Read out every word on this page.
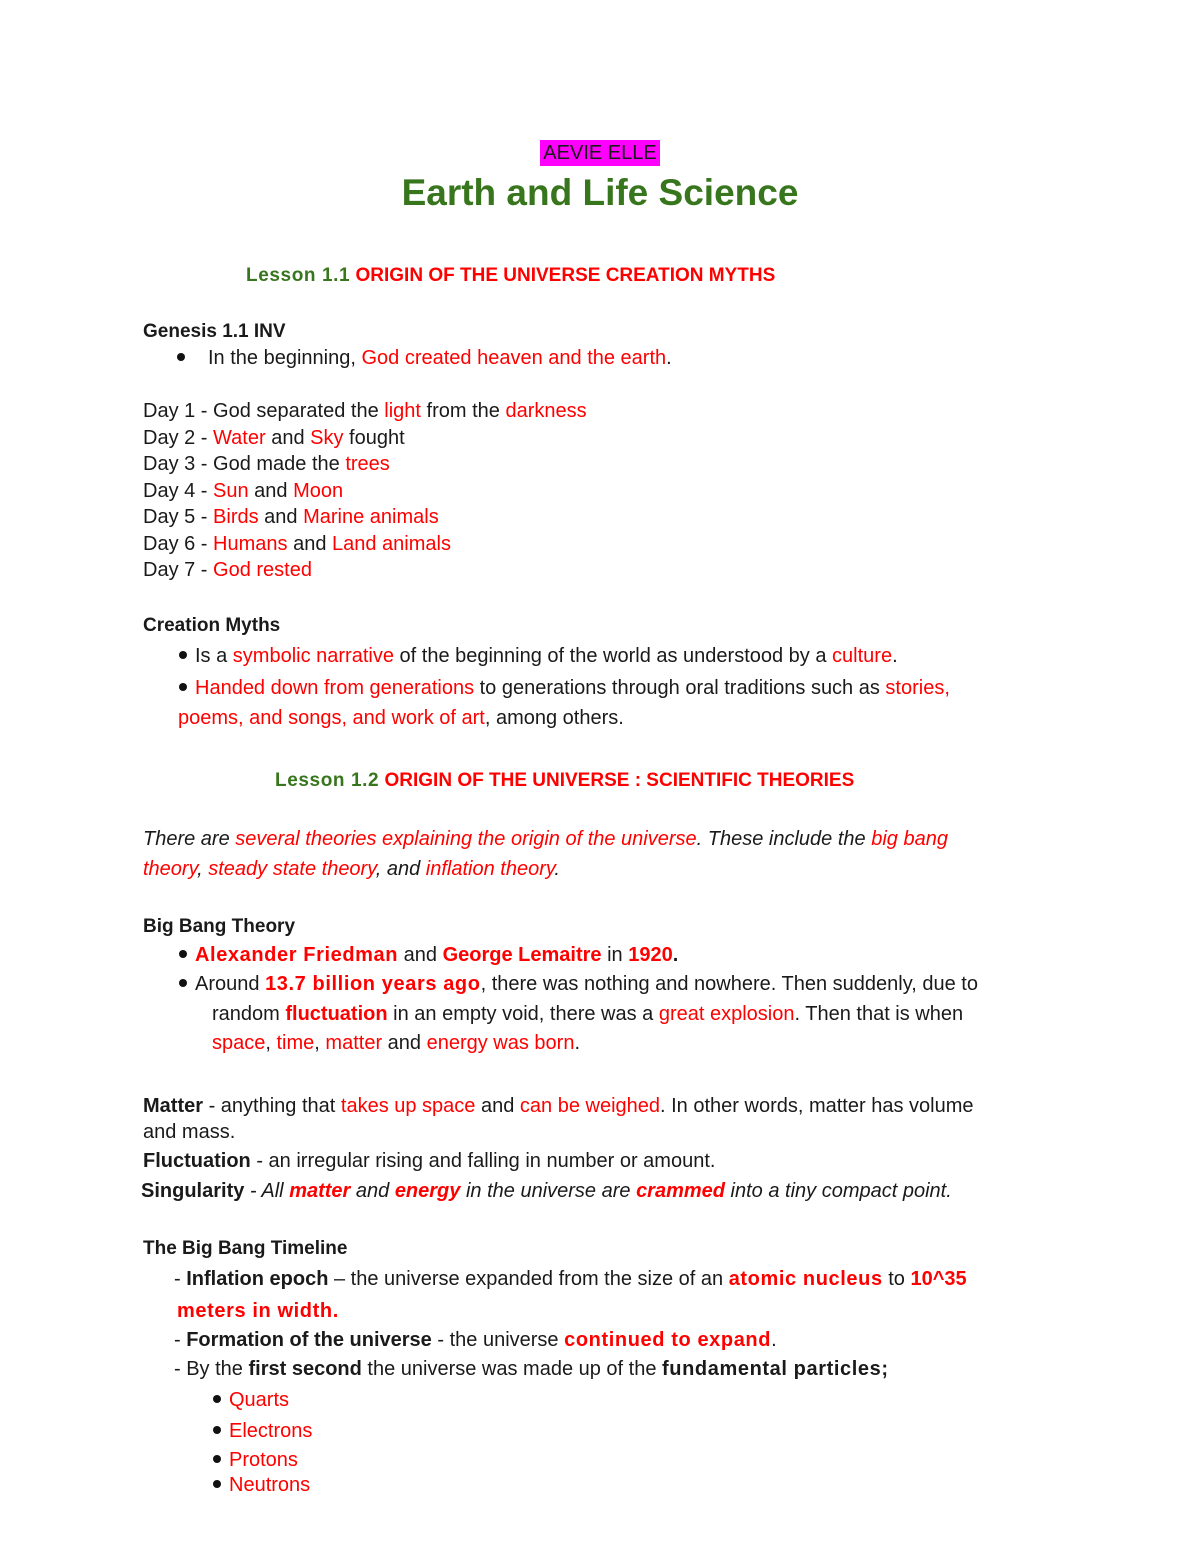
AEVIE ELLE
Earth and Life Science
Lesson 1.1 ORIGIN OF THE UNIVERSE CREATION MYTHS
Genesis 1.1 INV
In the beginning, God created heaven and the earth.
Day 1 - God separated the light from the darkness
Day 2 - Water and Sky fought
Day 3 - God made the trees
Day 4 - Sun and Moon
Day 5 - Birds and Marine animals
Day 6 - Humans and Land animals
Day 7 - God rested
Creation Myths
Is a symbolic narrative of the beginning of the world as understood by a culture.
Handed down from generations to generations through oral traditions such as stories,
poems, and songs, and work of art, among others.
Lesson 1.2 ORIGIN OF THE UNIVERSE : SCIENTIFIC THEORIES
There are several theories explaining the origin of the universe. These include the big bang
theory, steady state theory, and inflation theory.
Big Bang Theory
Alexander Friedman and George Lemaitre in 1920.
Around 13.7 billion years ago, there was nothing and nowhere. Then suddenly, due to
random fluctuation in an empty void, there was a great explosion. Then that is when
space, time, matter and energy was born.
Matter - anything that takes up space and can be weighed. In other words, matter has volume
and mass.
Fluctuation - an irregular rising and falling in number or amount.
Singularity - All matter and energy in the universe are crammed into a tiny compact point.
The Big Bang Timeline
- Inflation epoch – the universe expanded from the size of an atomic nucleus to 10^35
meters in width.
- Formation of the universe - the universe continued to expand.
- By the first second the universe was made up of the fundamental particles;
Quarts
Electrons
Protons
Neutrons
